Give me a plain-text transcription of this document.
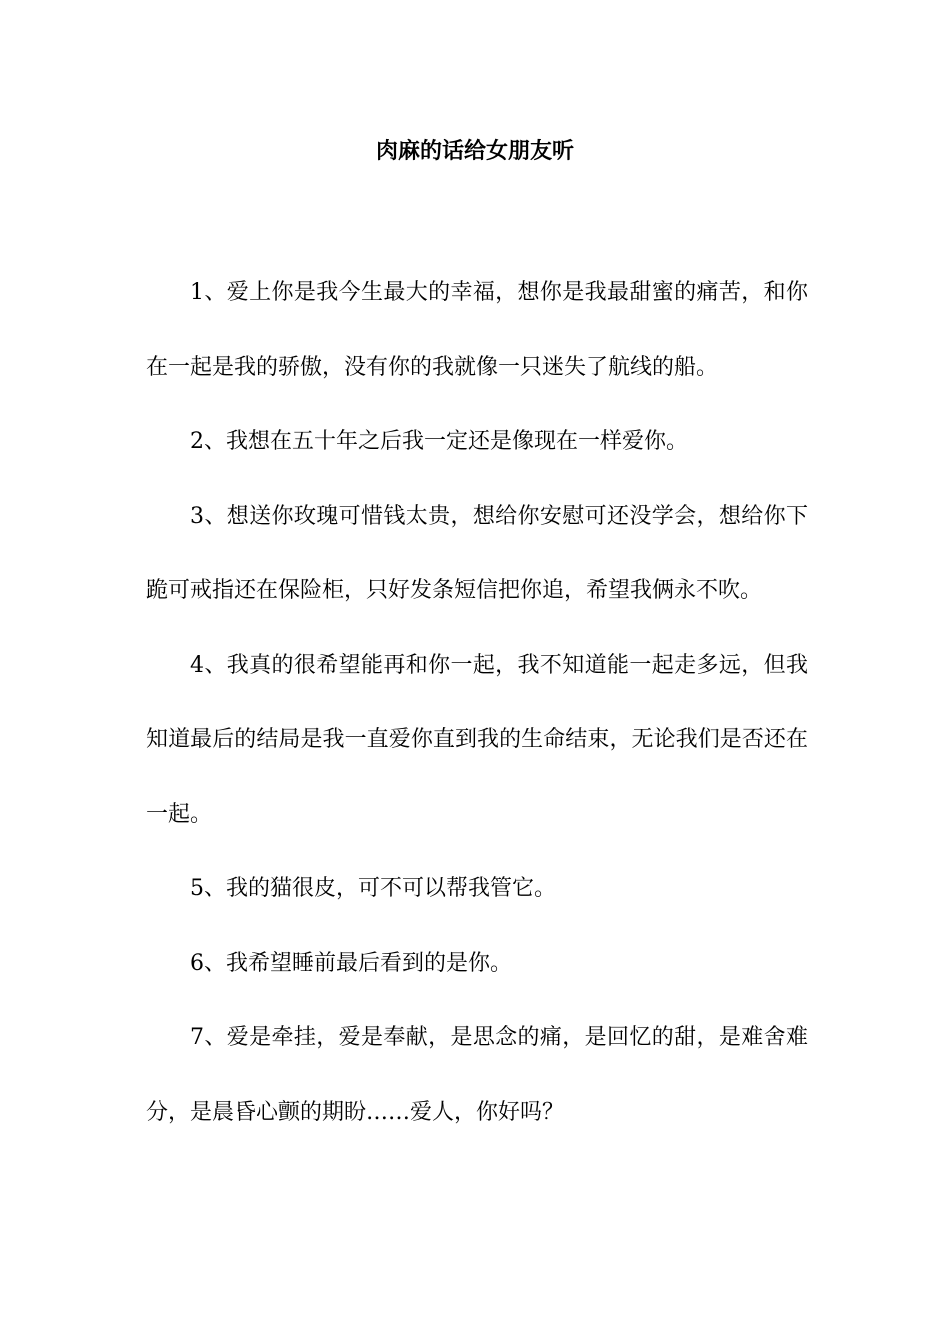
肉麻的话给女朋友听

1、爱上你是我今生最大的幸福，想你是我最甜蜜的痛苦，和你在一起是我的骄傲，没有你的我就像一只迷失了航线的船。

2、我想在五十年之后我一定还是像现在一样爱你。

3、想送你玫瑰可惜钱太贵，想给你安慰可还没学会，想给你下跪可戒指还在保险柜，只好发条短信把你追，希望我俩永不吹。

4、我真的很希望能再和你一起，我不知道能一起走多远，但我知道最后的结局是我一直爱你直到我的生命结束，无论我们是否还在一起。

5、我的猫很皮，可不可以帮我管它。

6、我希望睡前最后看到的是你。

7、爱是牵挂，爱是奉献，是思念的痛，是回忆的甜，是难舍难分，是晨昏心颤的期盼……爱人，你好吗？
